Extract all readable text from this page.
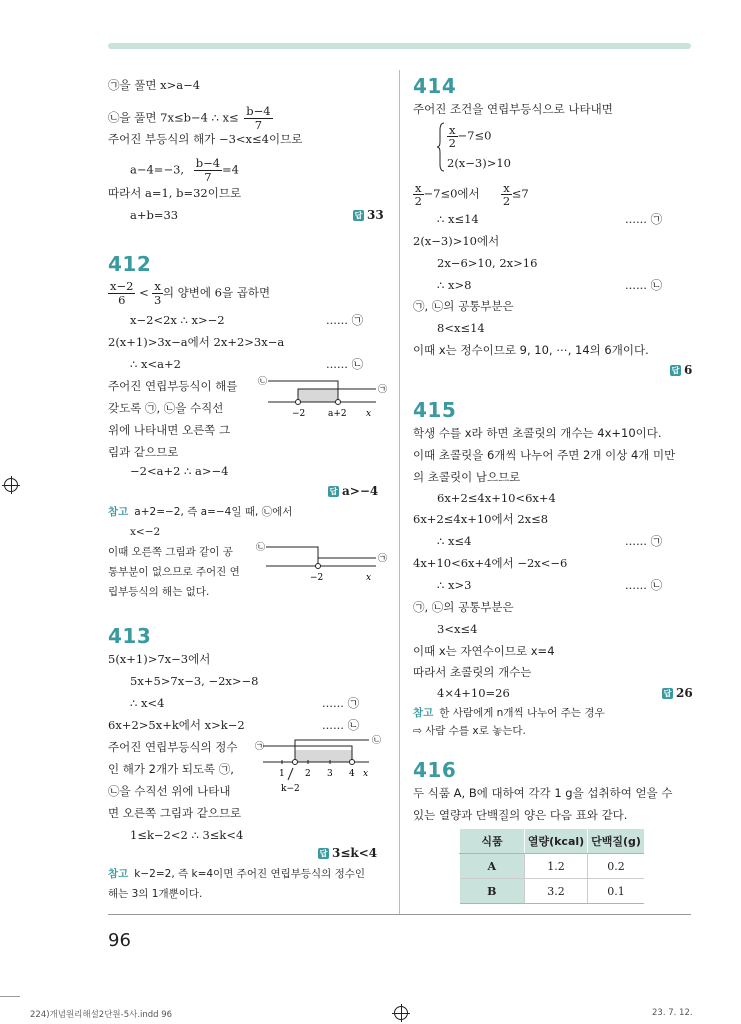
㉠을 풀면 x>a−4
㉡을 풀면 7x≤b−4 ∴ $x\le \frac{b-4}{7}$
주어진 부등식의 해가 −3<x≤4이므로
a−4=−3, $\frac{b-4}{7} =4$
따라서 a=1, b=32이므로
a+b=33	답 33
412
$\frac{x-2}{6} < \frac{x}{3}$ 의 양변에 6을 곱하면
x−2<2x ∴ x>−2	...... ㉠
2(x+1)>3x−a에서 2x+2>3x−a
∴ x<a+2	...... ㉡
주어진 연립부등식이 해를
갖도록 ㉠, ㉡을 수직선
위에 나타내면 오른쪽 그
림과 같으므로
㉡
㉠
−2	a+2 x
−2<a+2 ∴ a>−4
답 a>−4
참고 a+2=−2, 즉 a=−4일 때, ㉡에서
x<−2
이때 오른쪽 그림과 같이 공
통부분이 없으므로 주어진 연
립부등식의 해는 없다.
㉡
㉠
−2	x
413
5(x+1)>7x−3에서
5x+5>7x−3, −2x>−8
∴ x<4	...... ㉠
6x+2>5x+k에서 x>k−2	...... ㉡
주어진 연립부등식의 정수
인 해가 2개가 되도록 ㉠,
㉡을 수직선 위에 나타내
면 오른쪽 그림과 같으므로
㉠
㉡
1 2 3 4 x
k−2
1≤k−2<2 ∴ 3≤k<4
답 3≤k<4
참고 k−2=2, 즉 k=4이면 주어진 연립부등식의 정수인
해는 3의 1개뿐이다.
414
주어진 조건을 연립부등식으로 나타내면
$\frac{x}{2} -7\le 0$
2(x−3)>10
$\frac{x}{2} -7\le 0$에서 $\frac{x}{2} \le 7$
∴ x≤14	...... ㉠
2(x−3)>10에서
2x−6>10, 2x>16
∴ x>8	...... ㉡
㉠, ㉡의 공통부분은
8<x≤14
이때 x는 정수이므로 9, 10, ⋯, 14의 6개이다.
답 6
415
학생 수를 x라 하면 초콜릿의 개수는 4x+10이다.
이때 초콜릿을 6개씩 나누어 주면 2개 이상 4개 미만
의 초콜릿이 남으므로
6x+2≤4x+10<6x+4
6x+2≤4x+10에서 2x≤8
∴ x≤4	...... ㉠
4x+10<6x+4에서 −2x<−6
∴ x>3	...... ㉡
㉠, ㉡의 공통부분은
3<x≤4
이때 x는 자연수이므로 x=4
따라서 초콜릿의 개수는
4×4+10=26	답 26
참고 한 사람에게 n개씩 나누어 주는 경우
⇨ 사람 수를 x로 놓는다.
416
두 식품 A, B에 대하여 각각 1 g을 섭취하여 얻을 수
있는 열량과 단백질의 양은 다음 표와 같다.
식품	열량(kcal)	단백질(g)
A	1.2	0.2
B	3.2	0.1
96
224)개념원리해설2단원-5사.indd 96	23. 7. 12.
